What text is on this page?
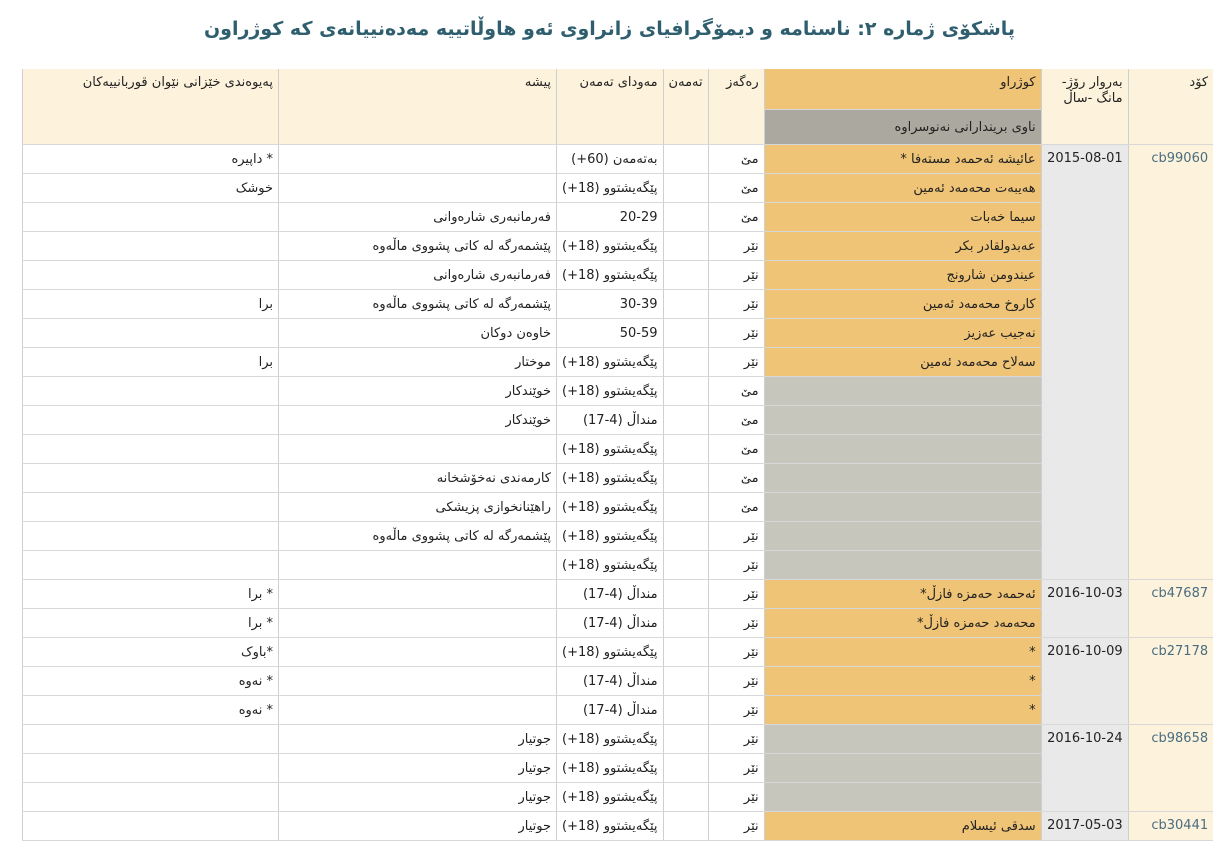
پاشکۆی ژمارە ٢: ناسنامە و دیمۆگرافیای زانراوی ئەو هاوڵاتییە مەدەنییانەی کە کوژراون
کۆد	بەروار رۆژ-مانگ -ساڵ	کوژراو	رەگەز	تەمەن	مەودای تەمەن	پیشە	پەیوەندی خێزانی نێوان قوربانییەکان
		ناوی بریندارانی نەنوسراوە					
cb99060	2015-08-01	عائیشە ئەحمەد مستەفا *	مێ		بەتەمەن (60+)		* داپیرە
		هەیبەت محەمەد ئەمین	مێ		پێگەیشتوو (18+)		خوشک
		سیما خەبات	مێ		20-29	فەرمانبەری شارەوانی	
		عەبدولقادر بکر	نێر		پێگەیشتوو (18+)	پێشمەرگە لە کاتی پشووی ماڵەوە	
		عیندومن شارونج	نێر		پێگەیشتوو (18+)	فەرمانبەری شارەوانی	
		کاروخ محەمەد ئەمین	نێر		30-39	پێشمەرگە لە کاتی پشووی ماڵەوە	برا
		نەجیب عەزیز	نێر		50-59	خاوەن دوکان	
		سەلاح محەمەد ئەمین	نێر		پێگەیشتوو (18+)	موختار	برا
			مێ		پێگەیشتوو (18+)	خوێندکار	
			مێ		منداڵ (4-17)	خوێندکار	
			مێ		پێگەیشتوو (18+)		
			مێ		پێگەیشتوو (18+)	کارمەندی نەخۆشخانە	
			مێ		پێگەیشتوو (18+)	راهێنانخوازی پزیشکی	
			نێر		پێگەیشتوو (18+)	پێشمەرگە لە کاتی پشووی ماڵەوە	
			نێر		پێگەیشتوو (18+)		
cb47687	2016-10-03	ئەحمەد حەمزە فازڵ*	نێر		منداڵ (4-17)		* برا
		محەمەد حەمزە فازڵ*	نێر		منداڵ (4-17)		* برا
cb27178	2016-10-09	*	نێر		پێگەیشتوو (18+)		*باوک
		*	نێر		منداڵ (4-17)		* نەوە
		*	نێر		منداڵ (4-17)		* نەوە
cb98658	2016-10-24		نێر		پێگەیشتوو (18+)	جوتیار	
			نێر		پێگەیشتوو (18+)	جوتیار	
			نێر		پێگەیشتوو (18+)	جوتیار	
cb30441	2017-05-03	سدقی ئیسلام	نێر		پێگەیشتوو (18+)	جوتیار	
